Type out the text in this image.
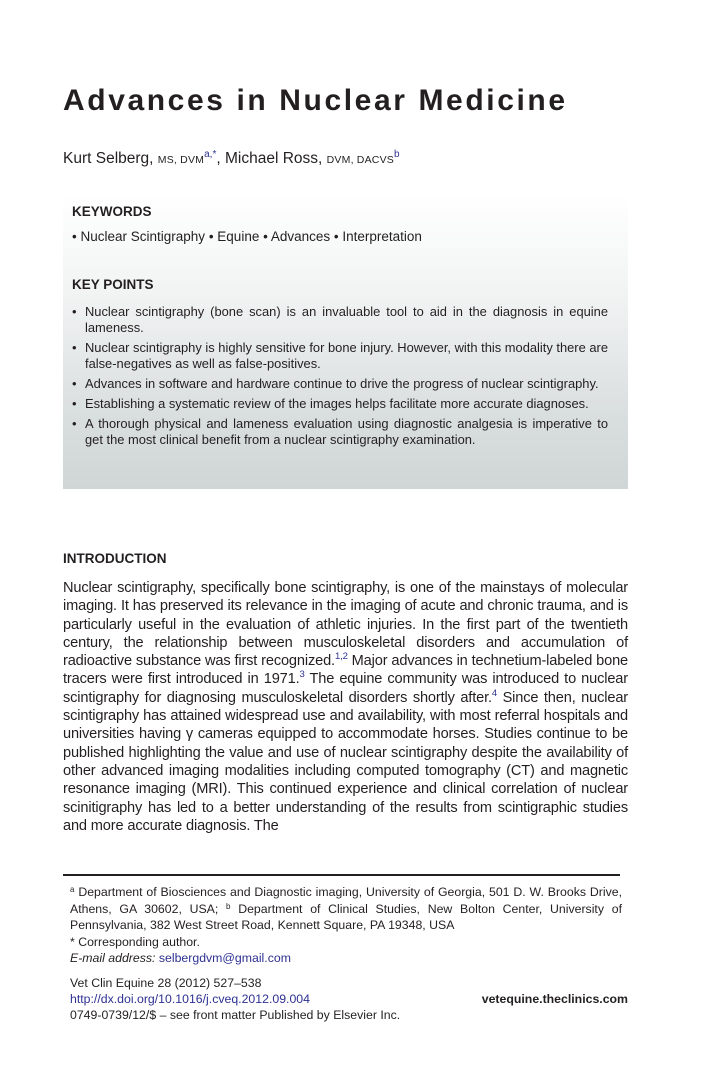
Advances in Nuclear Medicine
Kurt Selberg, MS, $DVM^{a,*}$, Michael Ross, DVM, DACVS$^b$
KEYWORDS
• Nuclear Scintigraphy • Equine • Advances • Interpretation
KEY POINTS
• Nuclear scintigraphy (bone scan) is an invaluable tool to aid in the diagnosis in equine lameness.
• Nuclear scintigraphy is highly sensitive for bone injury. However, with this modality there are false-negatives as well as false-positives.
• Advances in software and hardware continue to drive the progress of nuclear scintigraphy.
• Establishing a systematic review of the images helps facilitate more accurate diagnoses.
• A thorough physical and lameness evaluation using diagnostic analgesia is imperative to get the most clinical benefit from a nuclear scintigraphy examination.
INTRODUCTION

Nuclear scintigraphy, specifically bone scintigraphy, is one of the mainstays of molecular imaging. It has preserved its relevance in the imaging of acute and chronic trauma, and is particularly useful in the evaluation of athletic injuries. In the first part of the twentieth century, the relationship between musculoskeletal disorders and accumulation of radioactive substance was first recognized.$^{1,2}$ Major advances in technetium-labeled bone tracers were first introduced in 1971.$^3$ The equine community was introduced to nuclear scintigraphy for diagnosing musculoskeletal disorders shortly after.$^4$ Since then, nuclear scintigraphy has attained widespread use and availability, with most referral hospitals and universities having γ cameras equipped to accommodate horses. Studies continue to be published highlighting the value and use of nuclear scintigraphy despite the availability of other advanced imaging modalities including computed tomography (CT) and magnetic resonance imaging (MRI). This continued experience and clinical correlation of nuclear scinitigraphy has led to a better understanding of the results from scintigraphic studies and more accurate diagnosis. The

$^a$ Department of Biosciences and Diagnostic imaging, University of Georgia, 501 D. W. Brooks Drive, Athens, GA 30602, USA; $^b$ Department of Clinical Studies, New Bolton Center, University of Pennsylvania, 382 West Street Road, Kennett Square, PA 19348, USA
* Corresponding author.
E-mail address: selbergdvm@gmail.com
Vet Clin Equine 28 (2012) 527–538
http://dx.doi.org/10.1016/j.cveq.2012.09.004	vetequine.theclinics.com
0749-0739/12/$ – see front matter Published by Elsevier Inc.
